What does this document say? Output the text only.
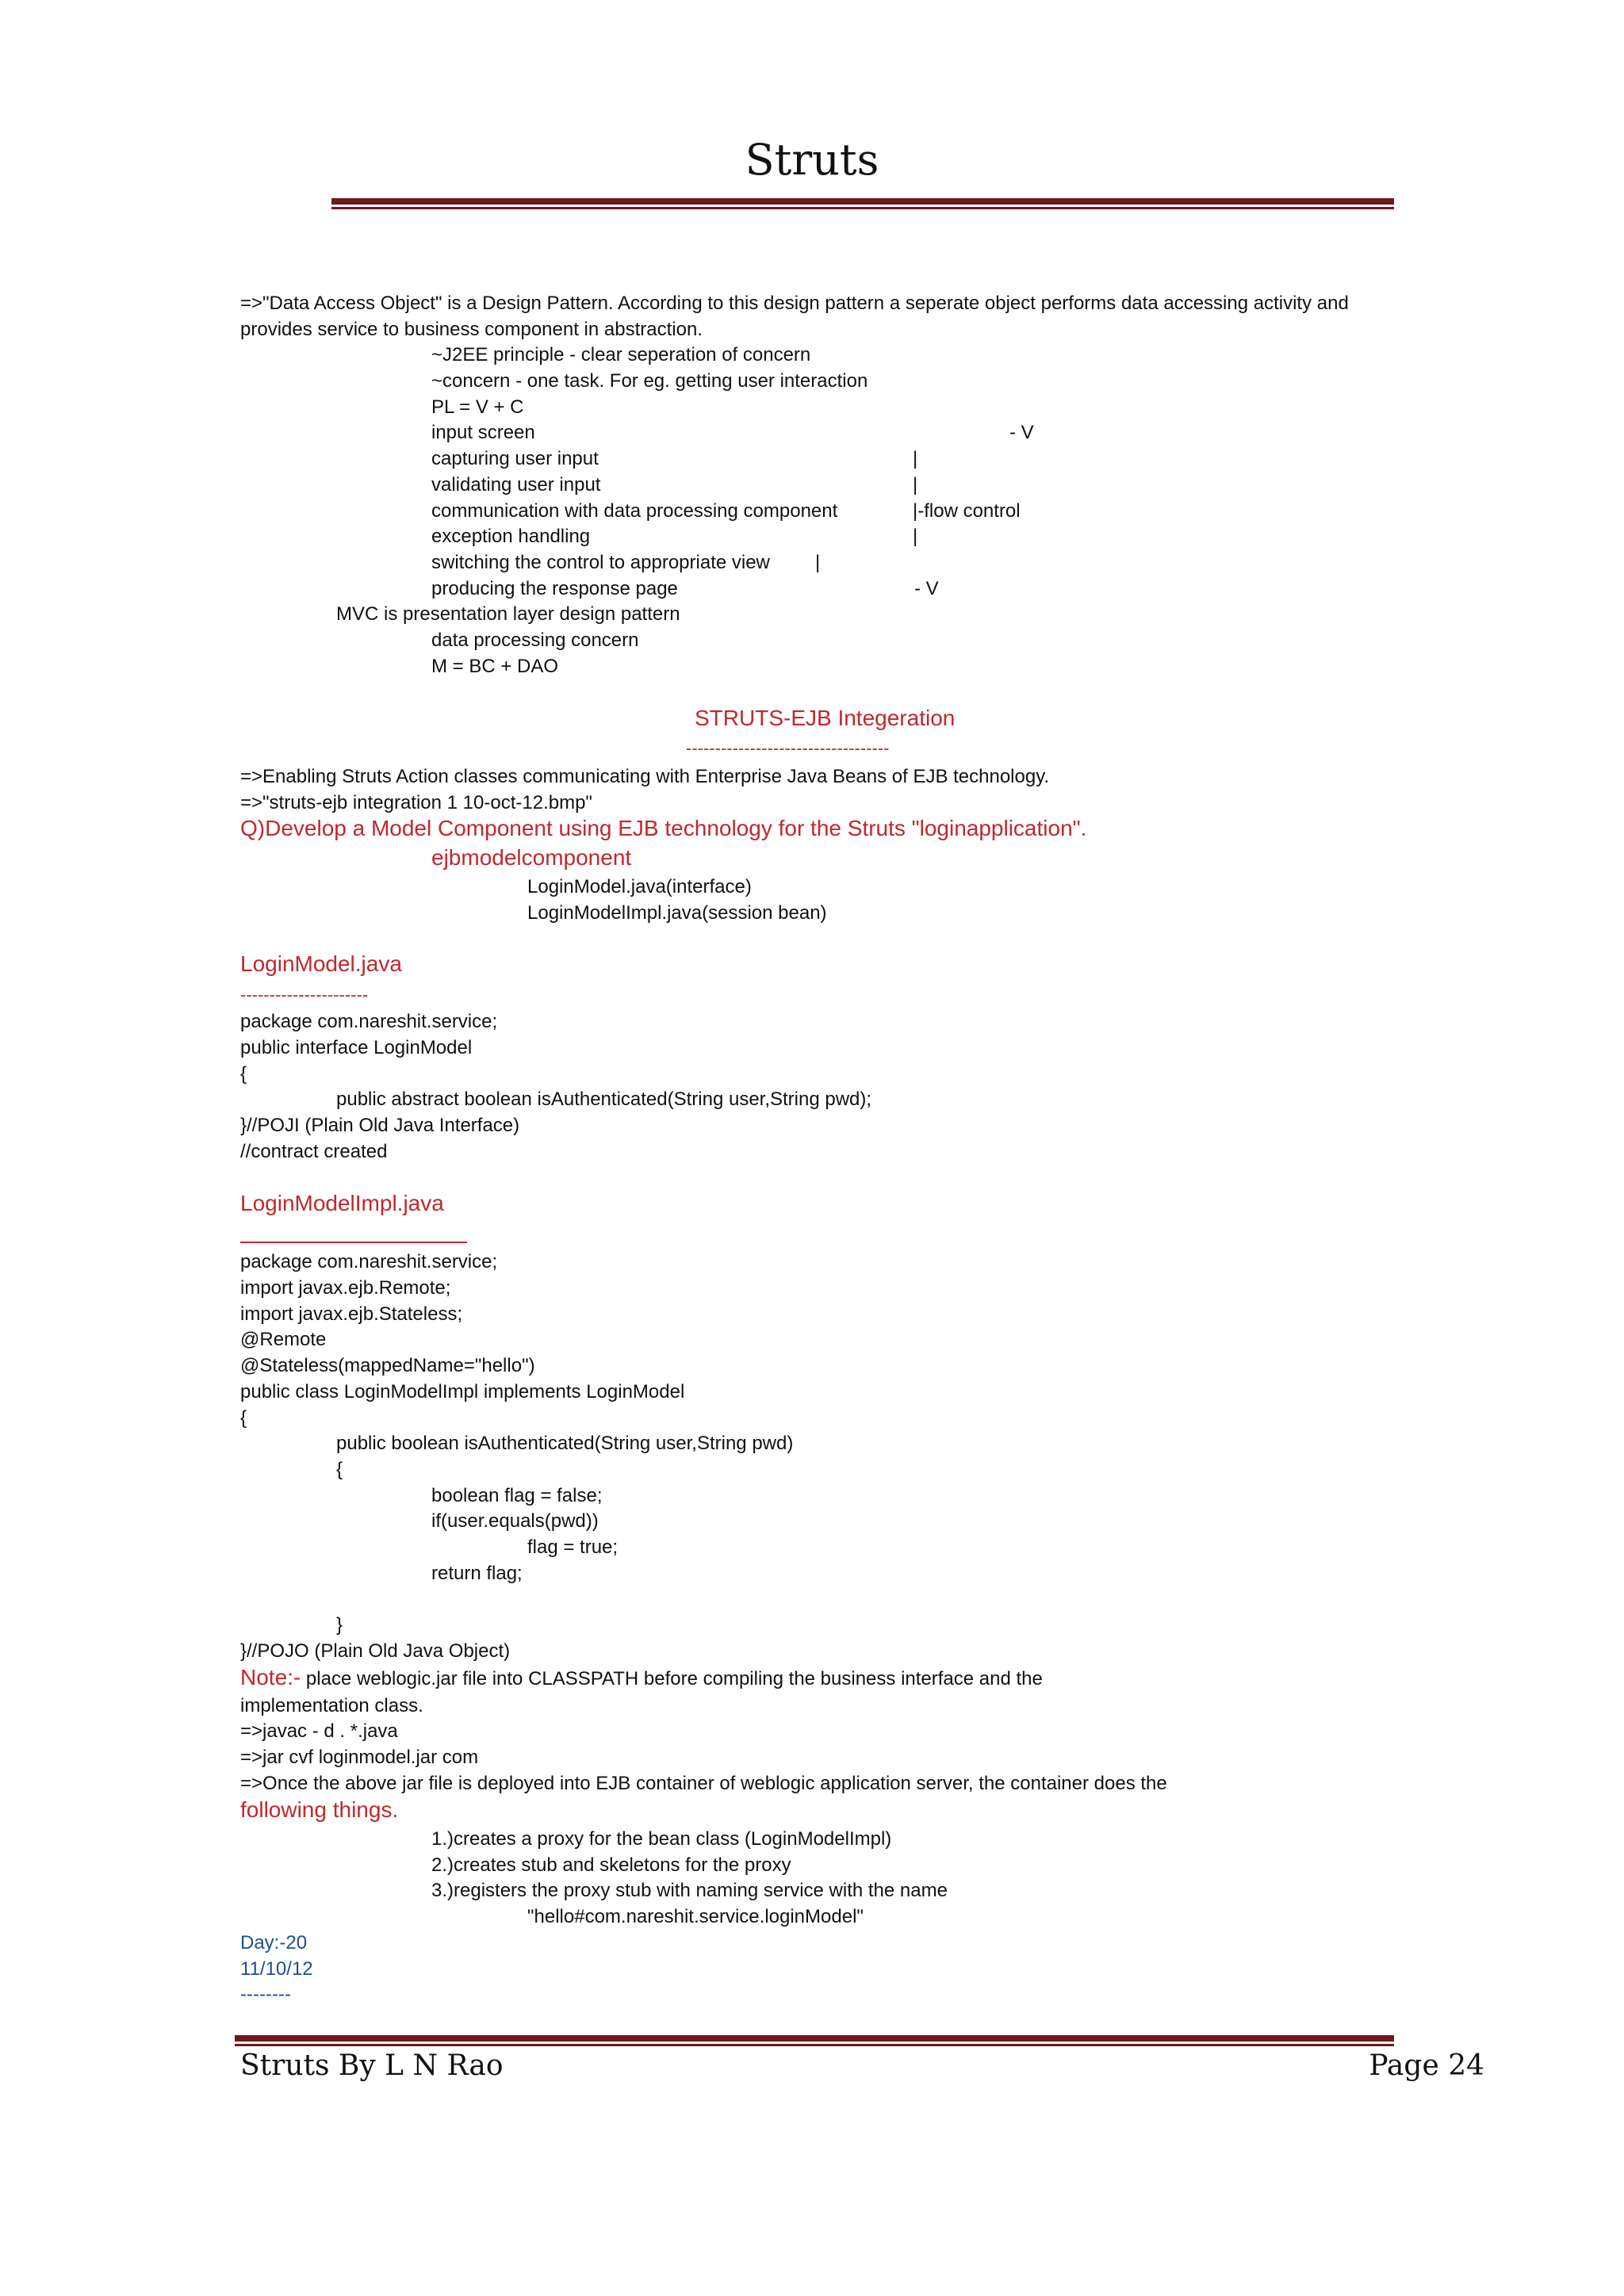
Struts
=>"Data Access Object" is a Design Pattern. According to this design pattern a seperate object performs data accessing activity and
provides service to business component in abstraction.
~J2EE principle - clear seperation of concern
~concern - one task. For eg. getting user interaction
PL = V + C
input screen	- V
capturing user input	|
validating user input	|
communication with data processing component	|-flow control
exception handling	|
switching the control to appropriate view |
producing the response page	- V
MVC is presentation layer design pattern
data processing concern
M = BC + DAO
STRUTS-EJB Integeration
-----------------------------------
=>Enabling Struts Action classes communicating with Enterprise Java Beans of EJB technology.
=>"struts-ejb integration 1 10-oct-12.bmp"
Q)Develop a Model Component using EJB technology for the Struts "loginapplication".
ejbmodelcomponent
LoginModel.java(interface)
LoginModelImpl.java(session bean)
LoginModel.java
----------------------
package com.nareshit.service;
public interface LoginModel
{
public abstract boolean isAuthenticated(String user,String pwd);
}//POJI (Plain Old Java Interface)
//contract created
LoginModelImpl.java
package com.nareshit.service;
import javax.ejb.Remote;
import javax.ejb.Stateless;
@Remote
@Stateless(mappedName="hello")
public class LoginModelImpl implements LoginModel
{
public boolean isAuthenticated(String user,String pwd)
{
boolean flag = false;
if(user.equals(pwd))
flag = true;
return flag;
}
}//POJO (Plain Old Java Object)
Note:- place weblogic.jar file into CLASSPATH before compiling the business interface and the
implementation class.
=>javac - d . *.java
=>jar cvf loginmodel.jar com
=>Once the above jar file is deployed into EJB container of weblogic application server, the container does the
following things.
1.)creates a proxy for the bean class (LoginModelImpl)
2.)creates stub and skeletons for the proxy
3.)registers the proxy stub with naming service with the name
"hello#com.nareshit.service.loginModel"
Day:-20
11/10/12
--------
Struts By L N Rao	Page 24
